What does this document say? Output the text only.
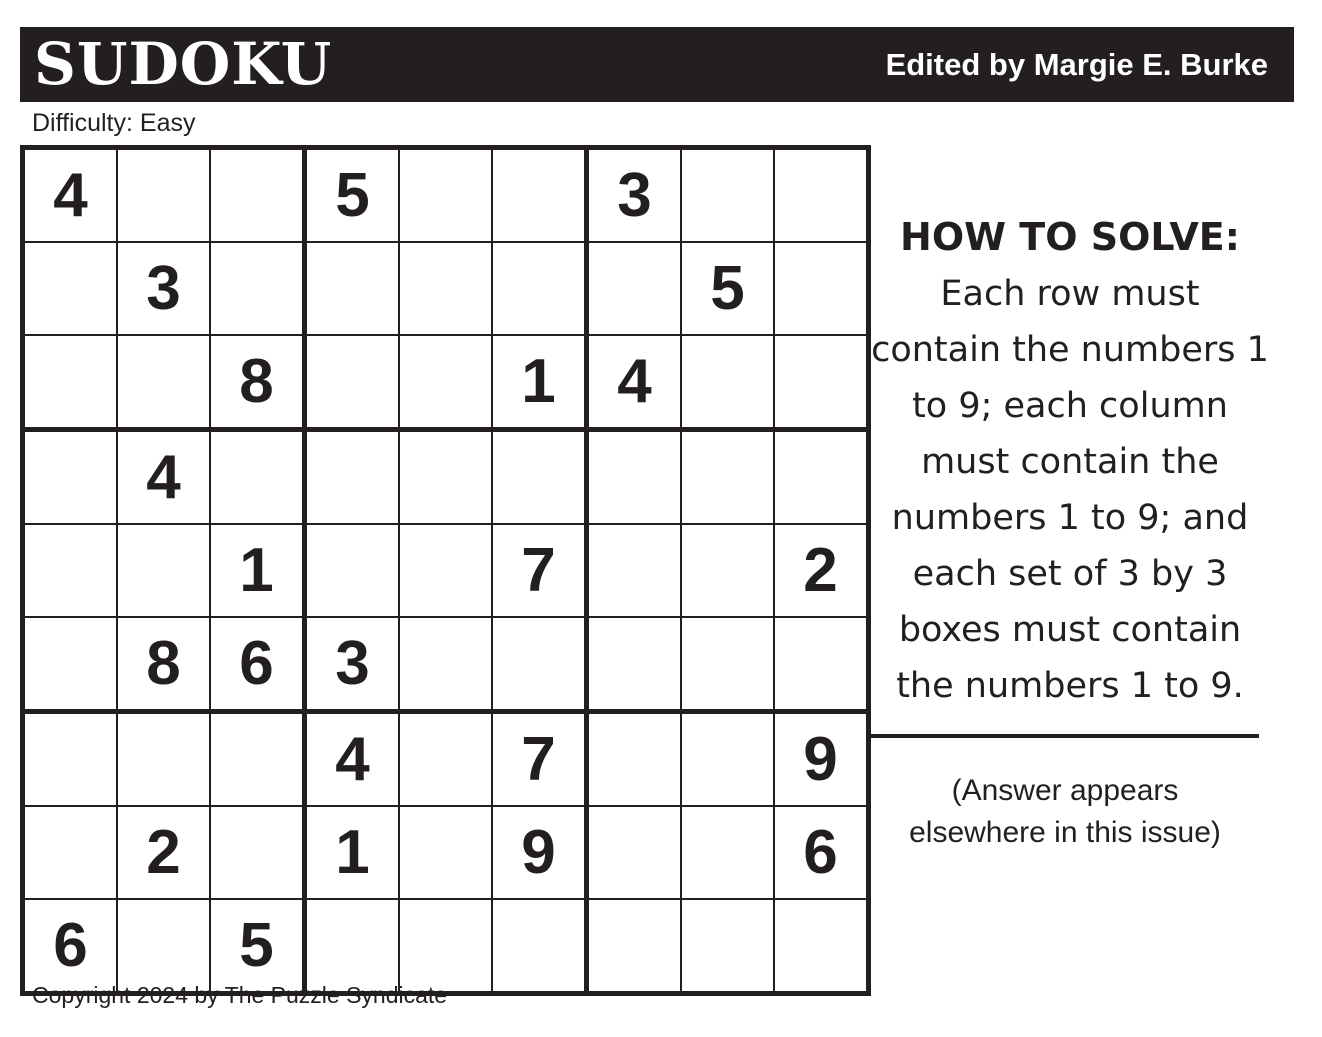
SUDOKU	Edited by Margie E. Burke
Difficulty: Easy
4			5			3		
	3						5	
		8			1	4		
	4							
		1			7			2
	8	6	3					
			4		7			9
	2		1		9			6
6		5						
HOW TO SOLVE:

Each row must contain the numbers 1 to 9; each column must contain the numbers 1 to 9; and each set of 3 by 3 boxes must contain the numbers 1 to 9.

(Answer appears elsewhere in this issue)
Copyright 2024 by The Puzzle Syndicate
